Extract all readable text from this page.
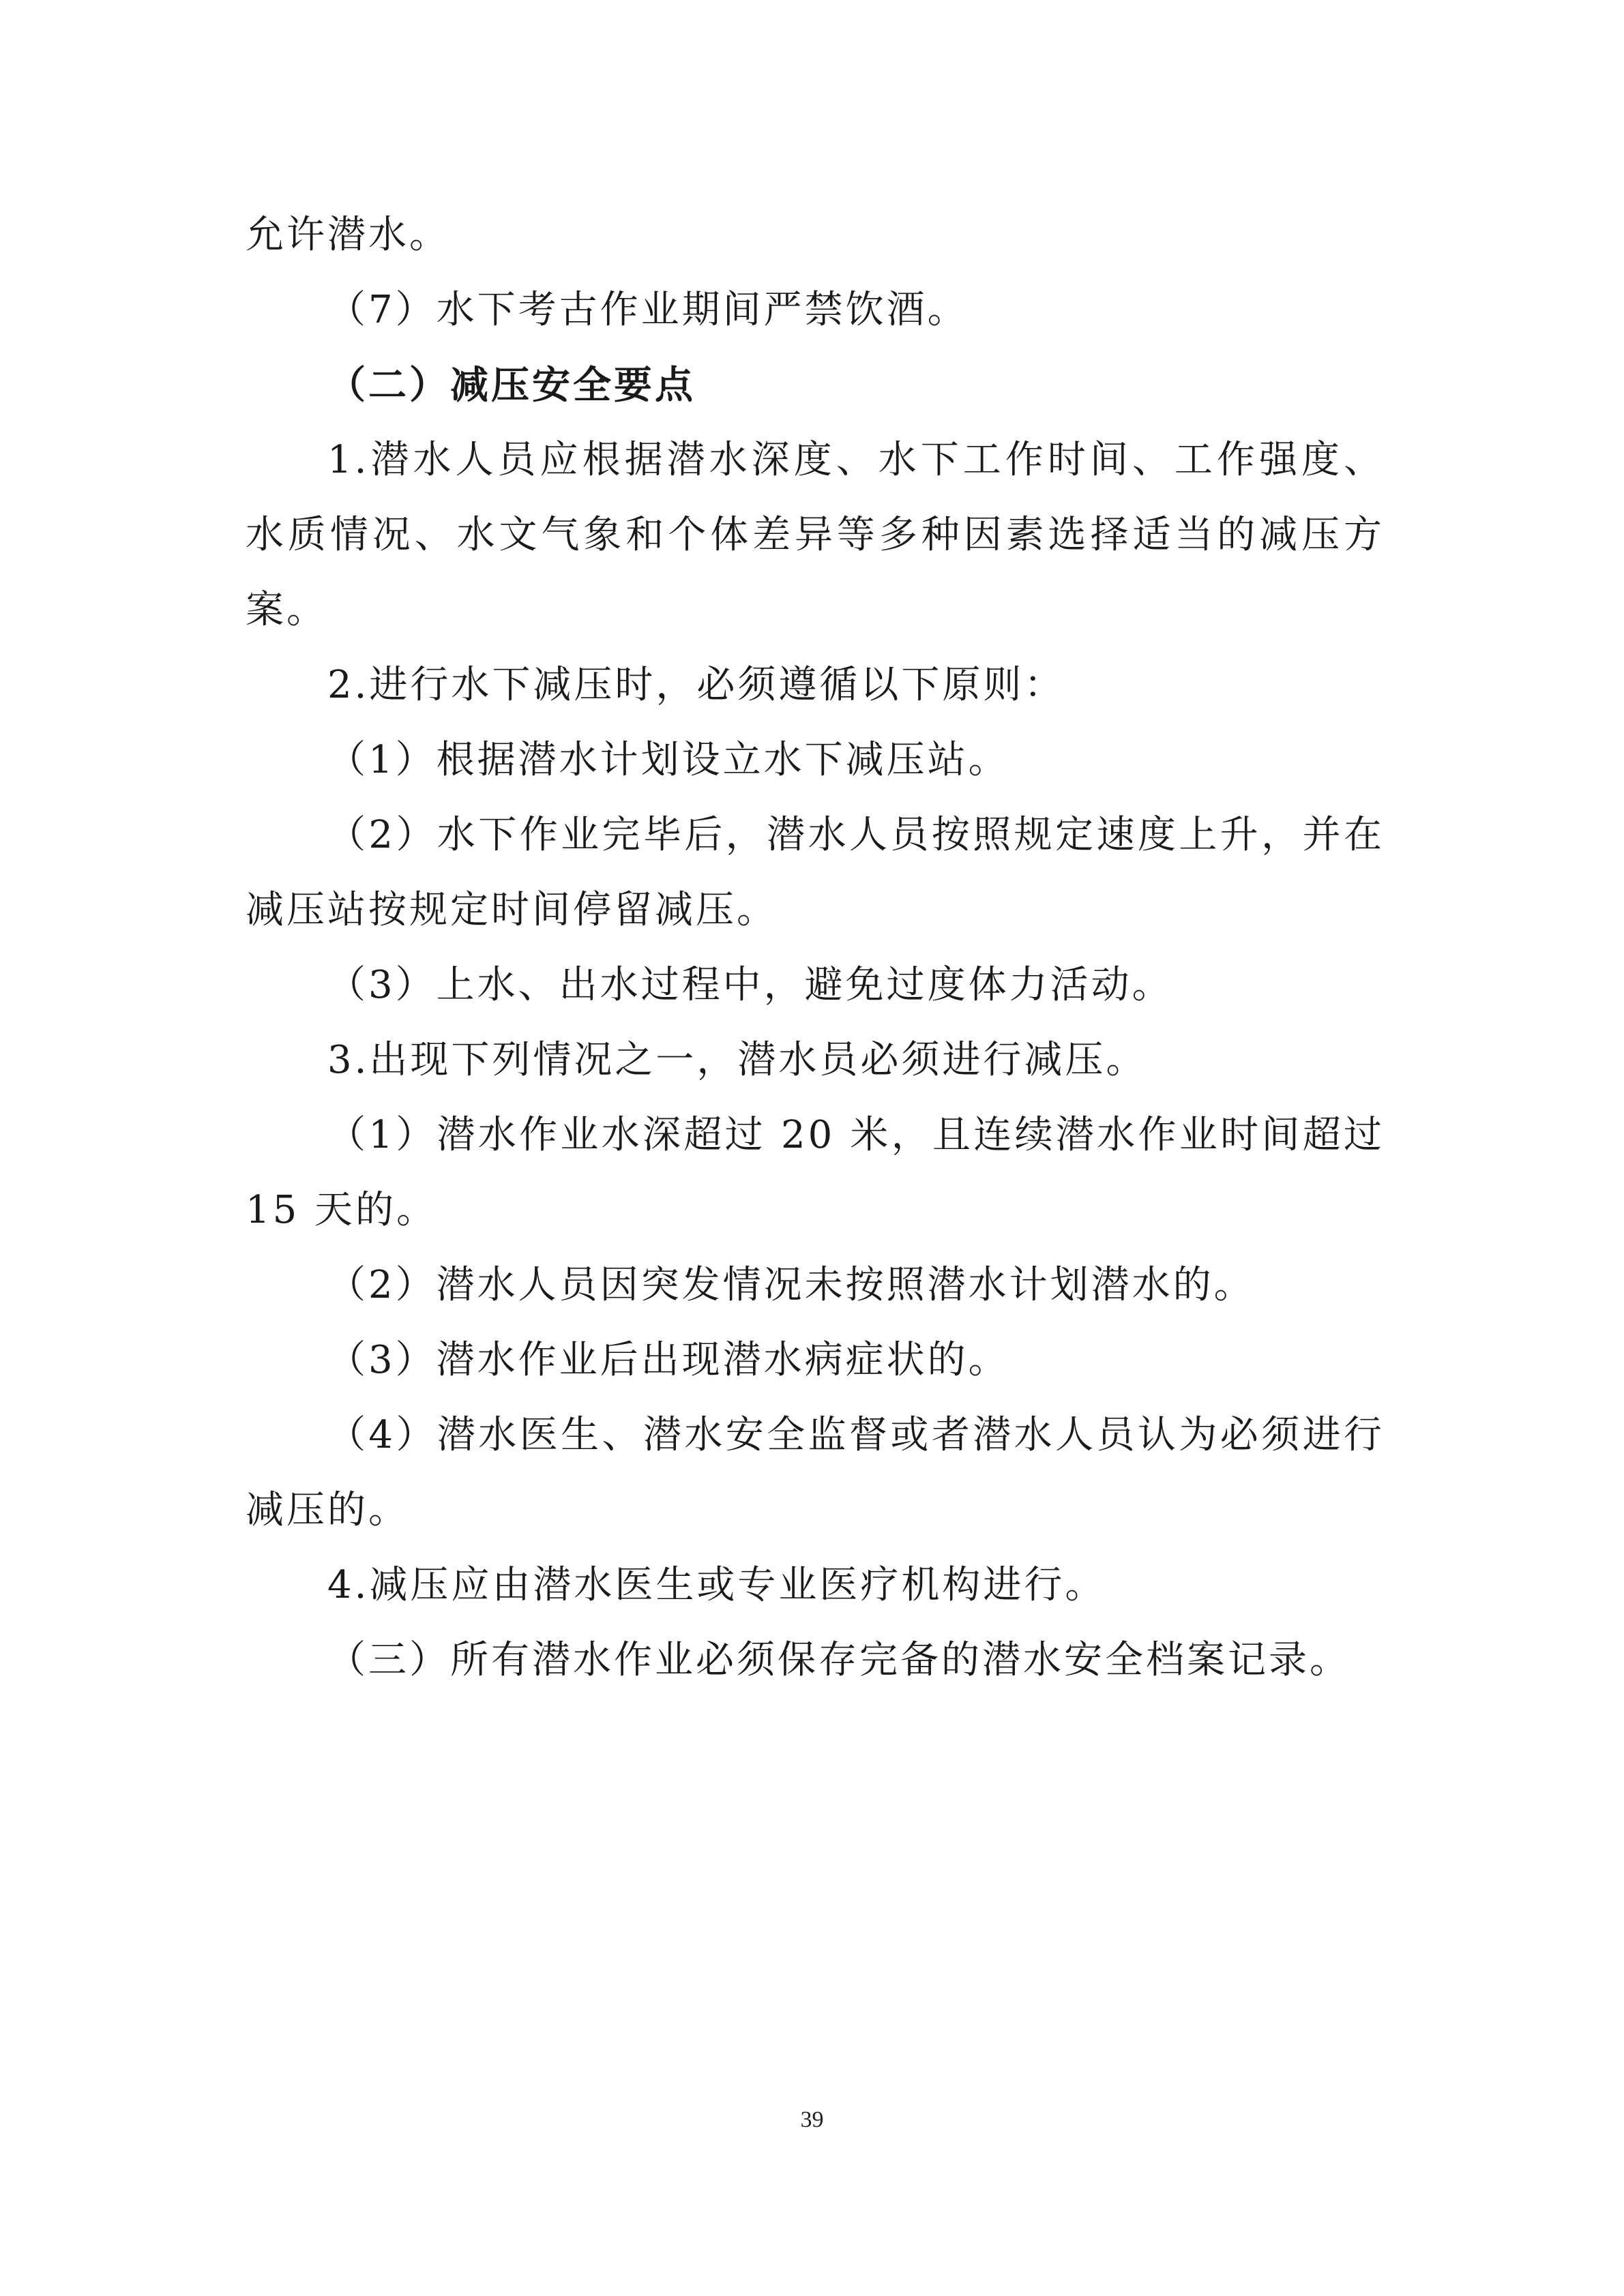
允许潜水。

（7）水下考古作业期间严禁饮酒。

（二）减压安全要点

1.潜水人员应根据潜水深度、水下工作时间、工作强度、水质情况、水文气象和个体差异等多种因素选择适当的减压方案。

2.进行水下减压时，必须遵循以下原则：

（1）根据潜水计划设立水下减压站。

（2）水下作业完毕后，潜水人员按照规定速度上升，并在减压站按规定时间停留减压。

（3）上水、出水过程中，避免过度体力活动。

3.出现下列情况之一，潜水员必须进行减压。

（1）潜水作业水深超过 20 米，且连续潜水作业时间超过 15 天的。

（2）潜水人员因突发情况未按照潜水计划潜水的。

（3）潜水作业后出现潜水病症状的。

（4）潜水医生、潜水安全监督或者潜水人员认为必须进行减压的。

4.减压应由潜水医生或专业医疗机构进行。

（三）所有潜水作业必须保存完备的潜水安全档案记录。

39
